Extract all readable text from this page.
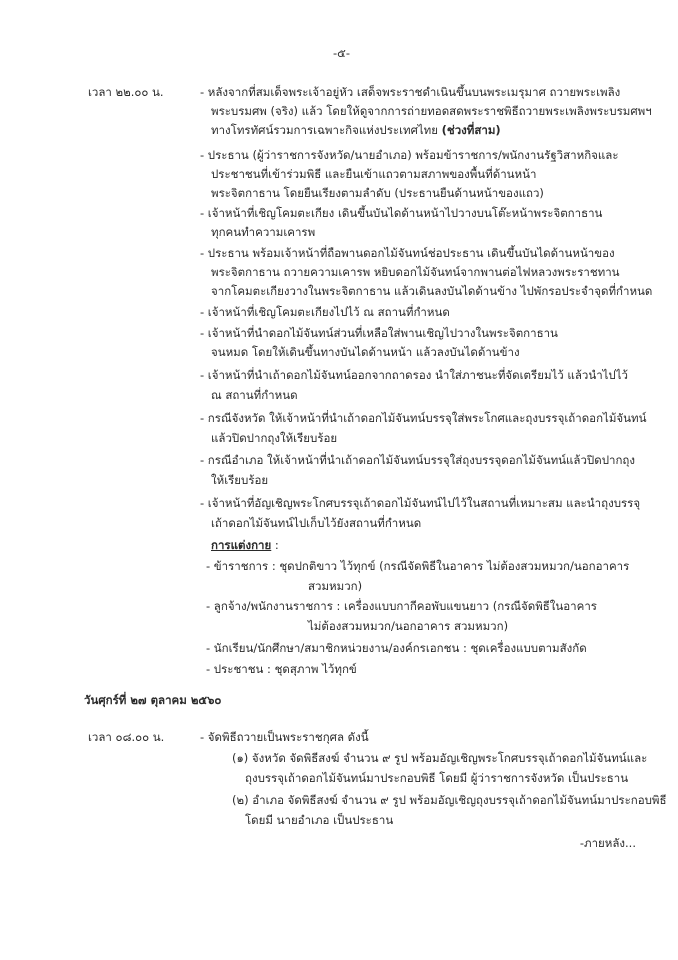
-๕-
เวลา ๒๒.๐๐ น.	- หลังจากที่สมเด็จพระเจ้าอยู่หัว เสด็จพระราชดำเนินขึ้นบนพระเมรุมาศ ถวายพระเพลิง
พระบรมศพ (จริง) แล้ว โดยให้ดูจากการถ่ายทอดสดพระราชพิธีถวายพระเพลิงพระบรมศพฯ
ทางโทรทัศน์รวมการเฉพาะกิจแห่งประเทศไทย (ช่วงที่สาม)
- ประธาน (ผู้ว่าราชการจังหวัด/นายอำเภอ) พร้อมข้าราชการ/พนักงานรัฐวิสาหกิจและ
ประชาชนที่เข้าร่วมพิธี และยืนเข้าแถวตามสภาพของพื้นที่ด้านหน้า
พระจิตกาธาน โดยยืนเรียงตามลำดับ (ประธานยืนด้านหน้าของแถว)
- เจ้าหน้าที่เชิญโคมตะเกียง เดินขึ้นบันไดด้านหน้าไปวางบนโต๊ะหน้าพระจิตกาธาน
ทุกคนทำความเคารพ
- ประธาน พร้อมเจ้าหน้าที่ถือพานดอกไม้จันทน์ช่อประธาน เดินขึ้นบันไดด้านหน้าของ
พระจิตกาธาน ถวายความเคารพ หยิบดอกไม้จันทน์จากพานต่อไฟหลวงพระราชทาน
จากโคมตะเกียงวางในพระจิตกาธาน แล้วเดินลงบันไดด้านข้าง ไปพักรอประจำจุดที่กำหนด
- เจ้าหน้าที่เชิญโคมตะเกียงไปไว้ ณ สถานที่กำหนด
- เจ้าหน้าที่นำดอกไม้จันทน์ส่วนที่เหลือใส่พานเชิญไปวางในพระจิตกาธาน
จนหมด โดยให้เดินขึ้นทางบันไดด้านหน้า แล้วลงบันไดด้านข้าง
- เจ้าหน้าที่นำเถ้าดอกไม้จันทน์ออกจากถาดรอง นำใส่ภาชนะที่จัดเตรียมไว้ แล้วนำไปไว้
ณ สถานที่กำหนด
- กรณีจังหวัด ให้เจ้าหน้าที่นำเถ้าดอกไม้จันทน์บรรจุใส่พระโกศและถุงบรรจุเถ้าดอกไม้จันทน์
แล้วปิดปากถุงให้เรียบร้อย
- กรณีอำเภอ ให้เจ้าหน้าที่นำเถ้าดอกไม้จันทน์บรรจุใส่ถุงบรรจุดอกไม้จันทน์แล้วปิดปากถุง
ให้เรียบร้อย
- เจ้าหน้าที่อัญเชิญพระโกศบรรจุเถ้าดอกไม้จันทน์ไปไว้ในสถานที่เหมาะสม และนำถุงบรรจุ
เถ้าดอกไม้จันทน์ไปเก็บไว้ยังสถานที่กำหนด
การแต่งกาย :
- ข้าราชการ : ชุดปกติขาว ไว้ทุกข์ (กรณีจัดพิธีในอาคาร ไม่ต้องสวมหมวก/นอกอาคาร
สวมหมวก)
- ลูกจ้าง/พนักงานราชการ : เครื่องแบบกากีคอพับแขนยาว (กรณีจัดพิธีในอาคาร
ไม่ต้องสวมหมวก/นอกอาคาร สวมหมวก)
- นักเรียน/นักศึกษา/สมาชิกหน่วยงาน/องค์กรเอกชน : ชุดเครื่องแบบตามสังกัด
- ประชาชน : ชุดสุภาพ ไว้ทุกข์
วันศุกร์ที่ ๒๗ ตุลาคม ๒๕๖๐
เวลา ๐๘.๐๐ น.	- จัดพิธีถวายเป็นพระราชกุศล ดังนี้
(๑) จังหวัด จัดพิธีสงฆ์ จำนวน ๙ รูป พร้อมอัญเชิญพระโกศบรรจุเถ้าดอกไม้จันทน์และ
ถุงบรรจุเถ้าดอกไม้จันทน์มาประกอบพิธี โดยมี ผู้ว่าราชการจังหวัด เป็นประธาน
(๒) อำเภอ จัดพิธีสงฆ์ จำนวน ๙ รูป พร้อมอัญเชิญถุงบรรจุเถ้าดอกไม้จันทน์มาประกอบพิธี
โดยมี นายอำเภอ เป็นประธาน
-ภายหลัง...
